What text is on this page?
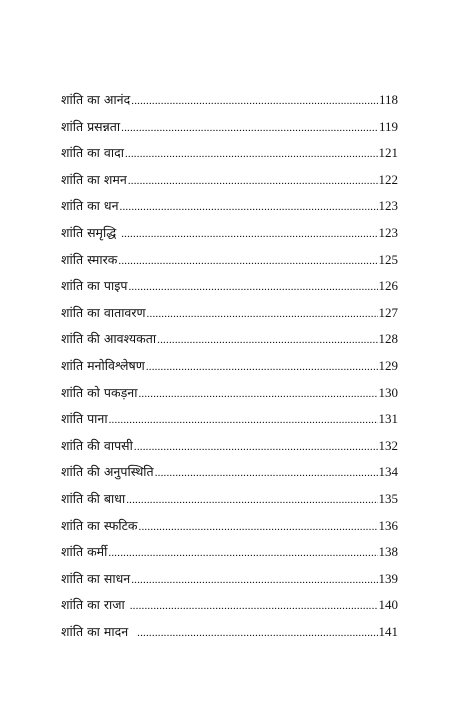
शांति का आनंद .....	118
शांति प्रसन्नता .....	119
शांति का वादा .....	121
शांति का शमन .....	122
शांति का धन .....	123
शांति समृद्धि .....	123
शांति स्मारक .....	125
शांति का पाइप .....	126
शांति का वातावरण .....	127
शांति की आवश्यकता .....	128
शांति मनोविश्लेषण .....	129
शांति को पकड़ना .....	130
शांति पाना .....	131
शांति की वापसी .....	132
शांति की अनुपस्थिति .....	134
शांति की बाधा .....	135
शांति का स्फटिक .....	136
शांति कर्मी .....	138
शांति का साधन .....	139
शांति का राजा .....	140
शांति का मादन .....	141
